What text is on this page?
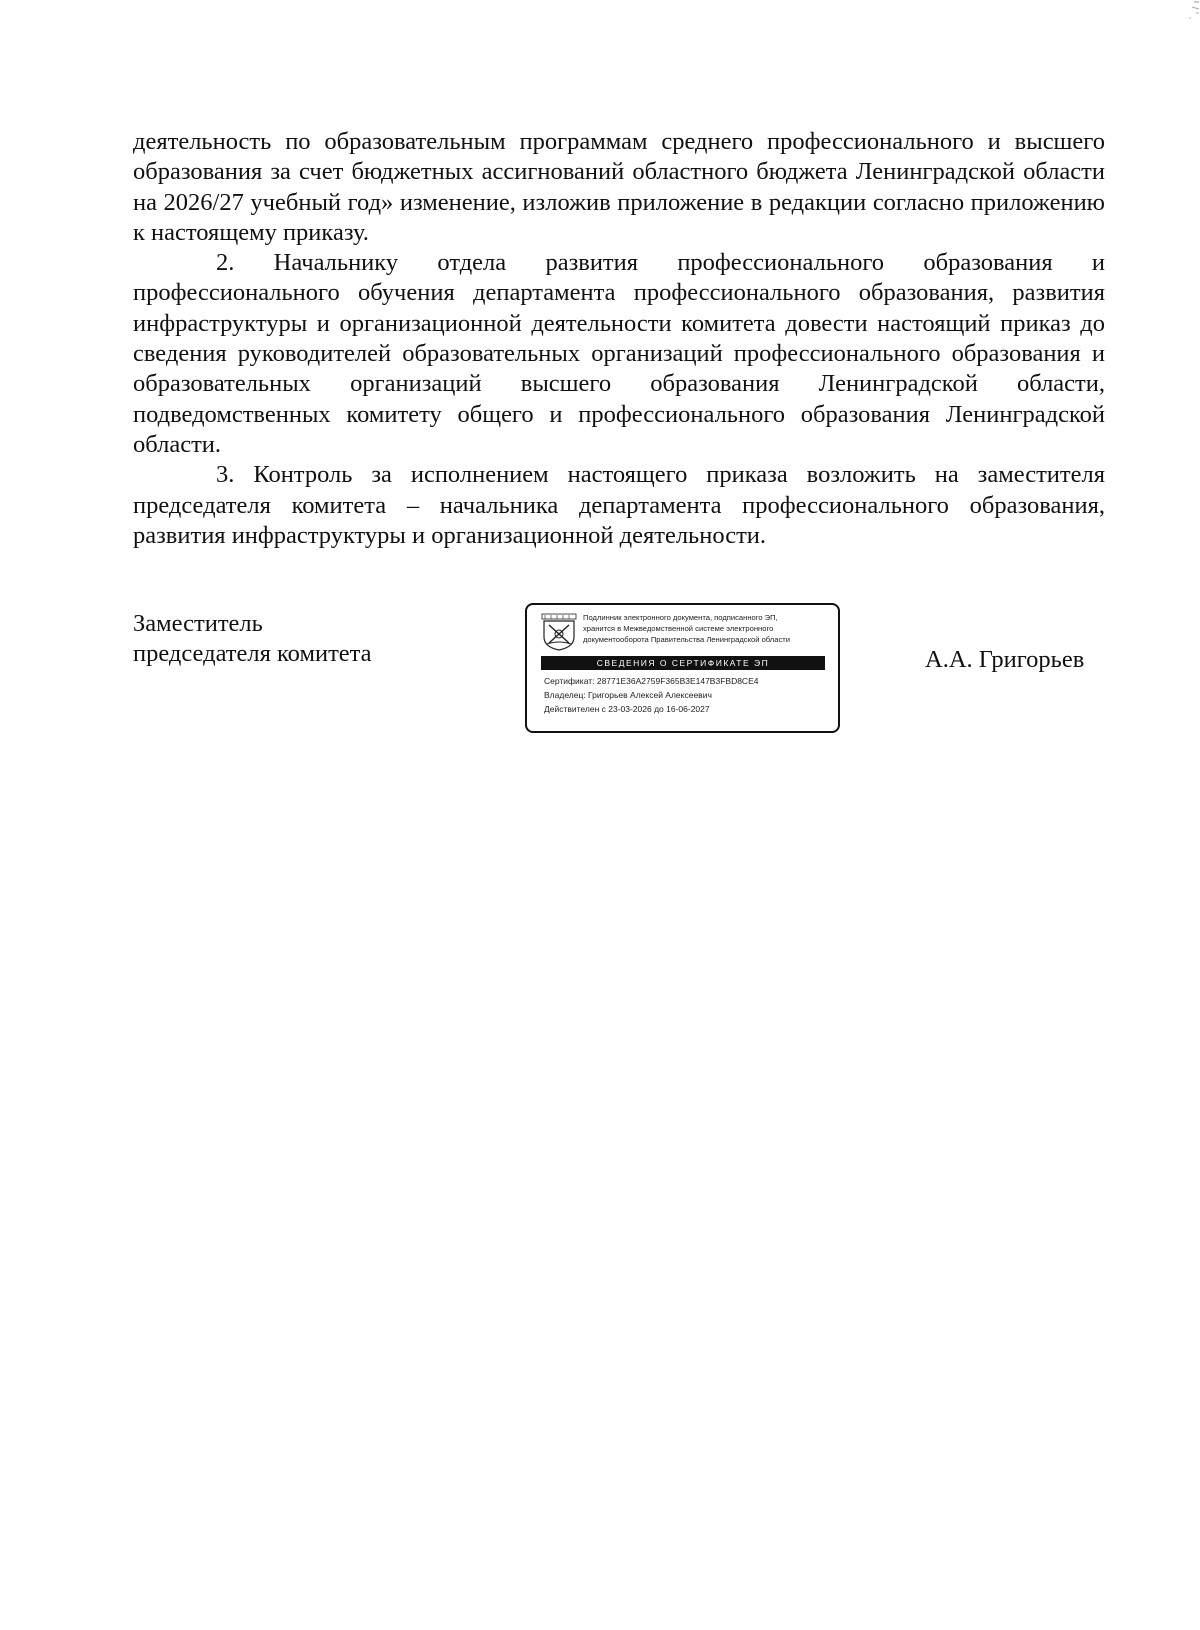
деятельность по образовательным программам среднего профессионального и высшего образования за счет бюджетных ассигнований областного бюджета Ленинградской области на 2026/27 учебный год» изменение, изложив приложение в редакции согласно приложению к настоящему приказу.

2. Начальнику отдела развития профессионального образования и профессионального обучения департамента профессионального образования, развития инфраструктуры и организационной деятельности комитета довести настоящий приказ до сведения руководителей образовательных организаций профессионального образования и образовательных организаций высшего образования Ленинградской области, подведомственных комитету общего и профессионального образования Ленинградской области.

3. Контроль за исполнением настоящего приказа возложить на заместителя председателя комитета – начальника департамента профессионального образования, развития инфраструктуры и организационной деятельности.

Заместитель
председателя комитета
Подлинник электронного документа, подписанного ЭП,
хранится в Межведомственной системе электронного
документооборота Правительства Ленинградской области
СВЕДЕНИЯ О СЕРТИФИКАТЕ ЭП
Сертификат: 28771E36A2759F365B3E147B3FBD8CE4
Владелец: Григорьев Алексей Алексеевич
Действителен с 23-03-2026 до 16-06-2027
А.А. Григорьев
